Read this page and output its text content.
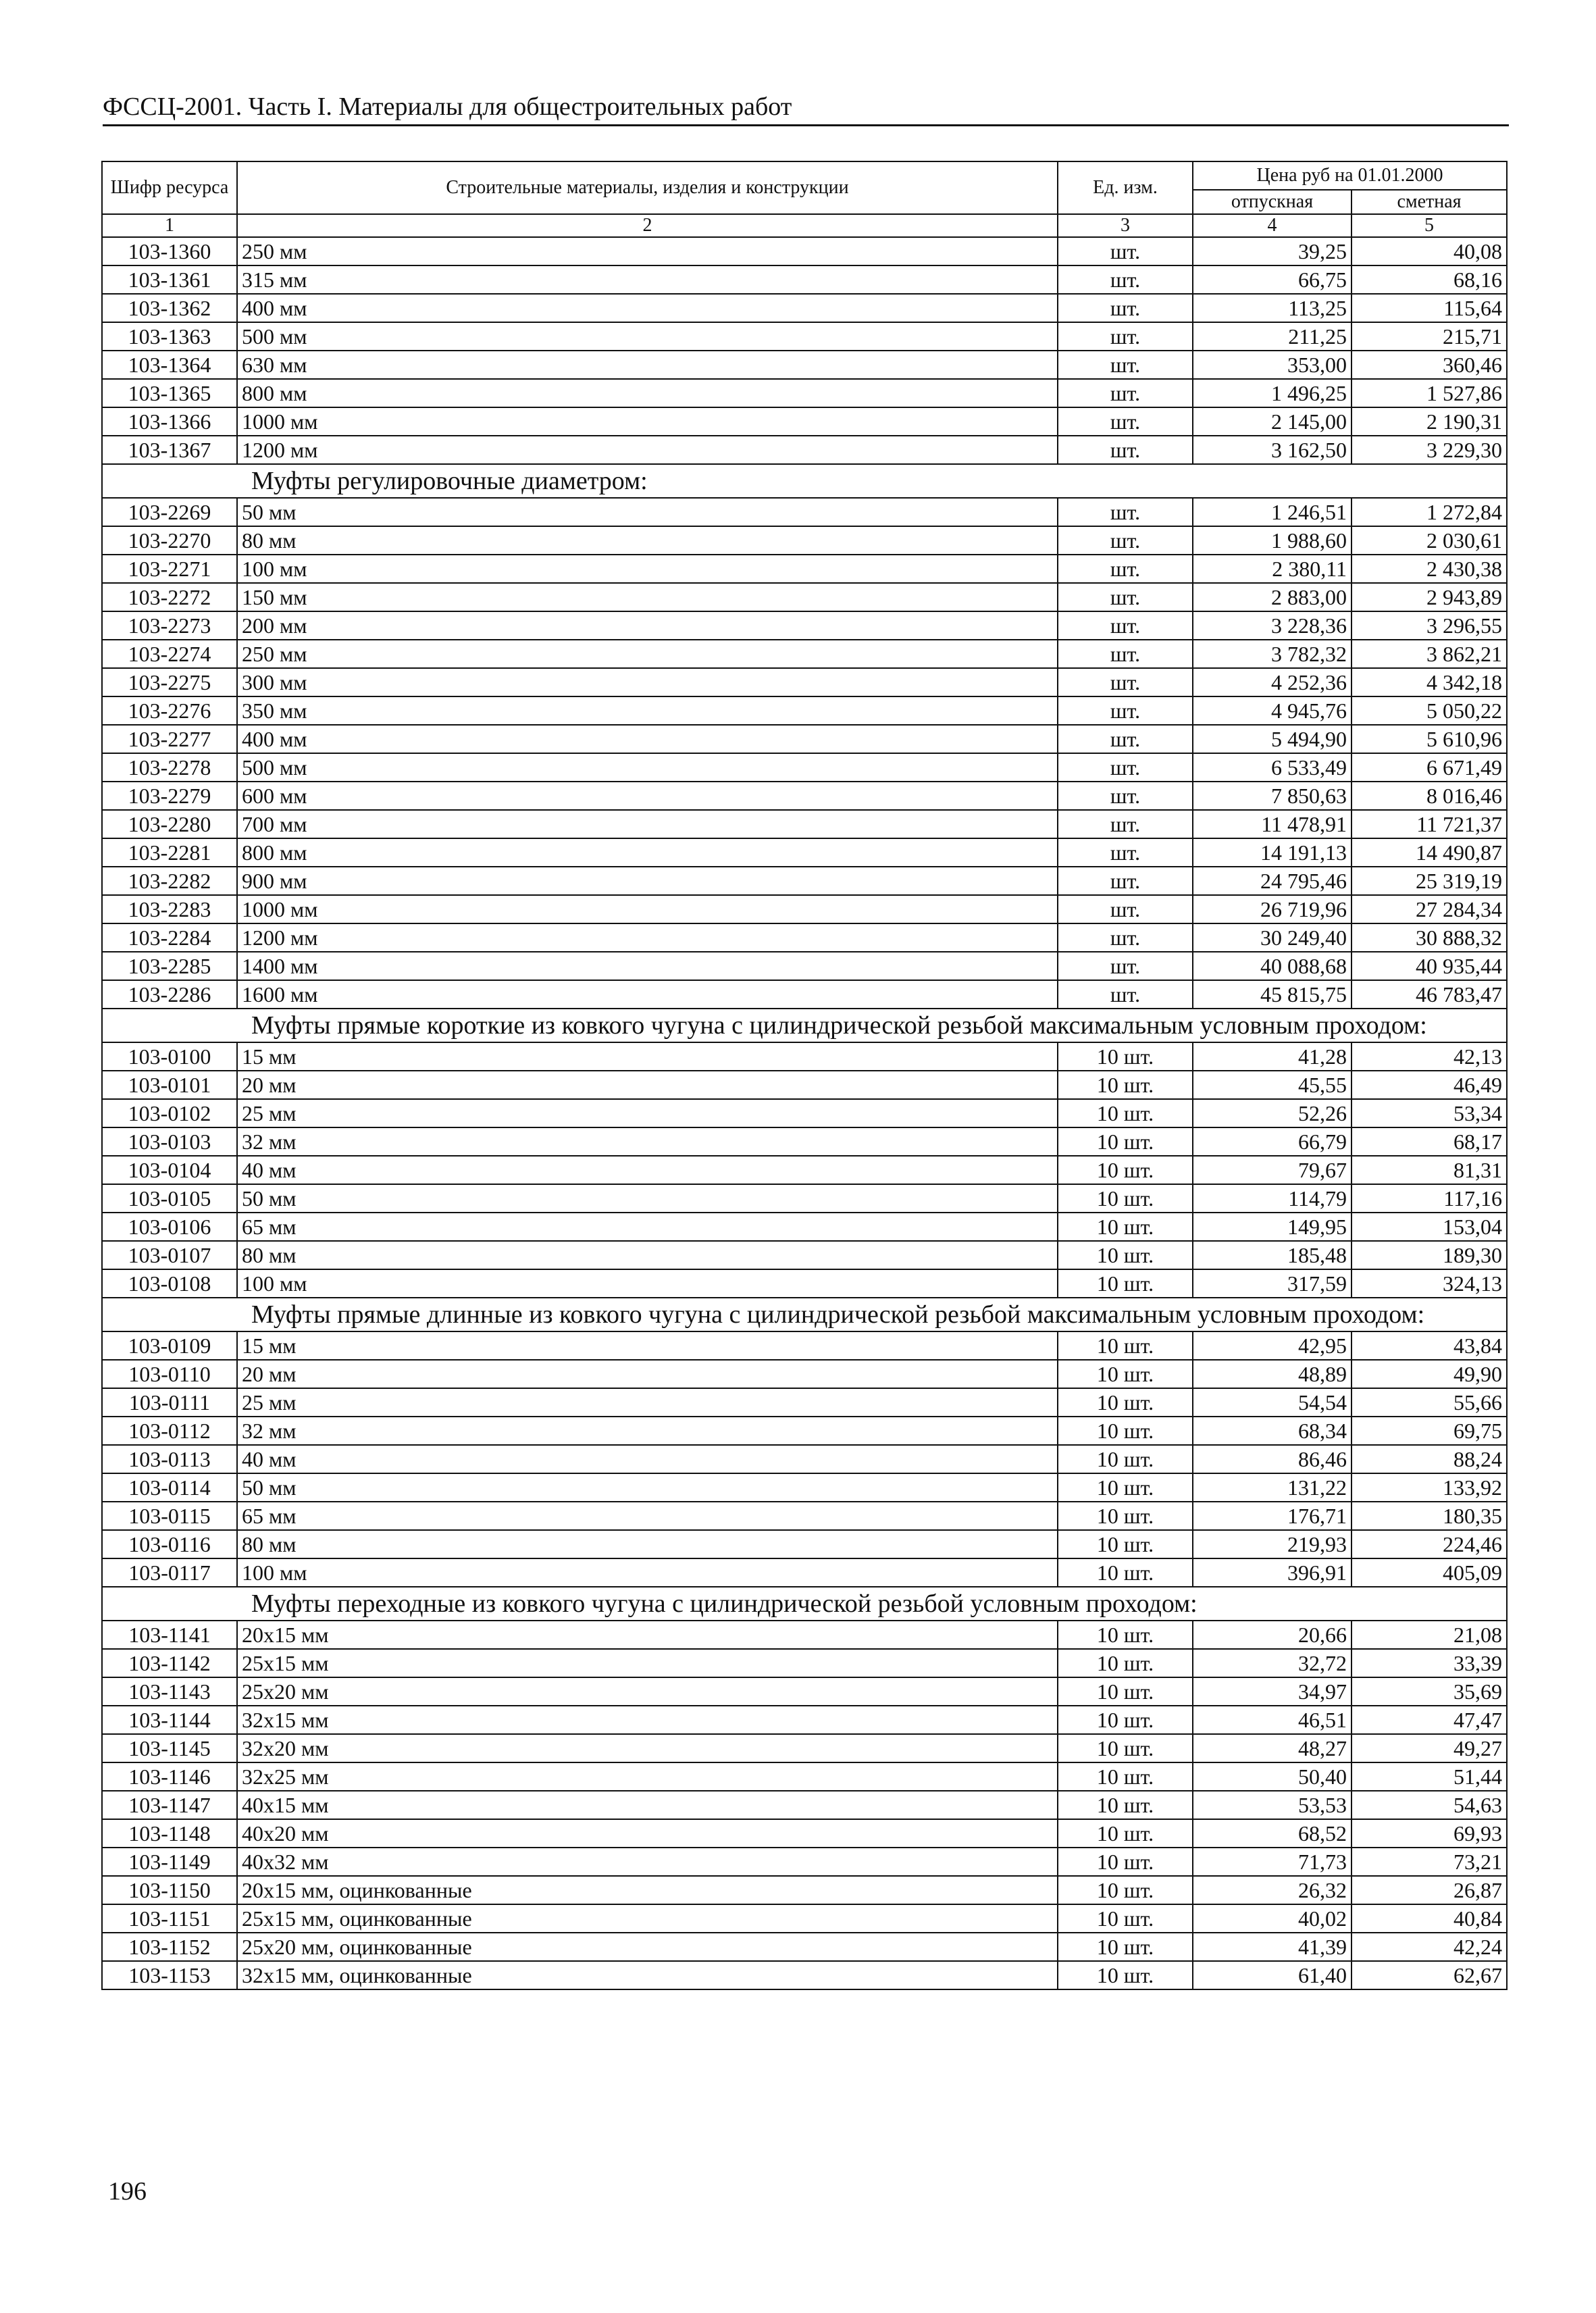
ФССЦ-2001. Часть I. Материалы для общестроительных работ
Шифр ресурса	Строительные материалы, изделия и конструкции	Ед. изм.	Цена руб на 01.01.2000	
			отпускная	сметная
1	2	3	4	5
103-1360	250 мм	шт.	39,25	40,08
103-1361	315 мм	шт.	66,75	68,16
103-1362	400 мм	шт.	113,25	115,64
103-1363	500 мм	шт.	211,25	215,71
103-1364	630 мм	шт.	353,00	360,46
103-1365	800 мм	шт.	1 496,25	1 527,86
103-1366	1000 мм	шт.	2 145,00	2 190,31
103-1367	1200 мм	шт.	3 162,50	3 229,30
Муфты регулировочные диаметром:				
103-2269	50 мм	шт.	1 246,51	1 272,84
103-2270	80 мм	шт.	1 988,60	2 030,61
103-2271	100 мм	шт.	2 380,11	2 430,38
103-2272	150 мм	шт.	2 883,00	2 943,89
103-2273	200 мм	шт.	3 228,36	3 296,55
103-2274	250 мм	шт.	3 782,32	3 862,21
103-2275	300 мм	шт.	4 252,36	4 342,18
103-2276	350 мм	шт.	4 945,76	5 050,22
103-2277	400 мм	шт.	5 494,90	5 610,96
103-2278	500 мм	шт.	6 533,49	6 671,49
103-2279	600 мм	шт.	7 850,63	8 016,46
103-2280	700 мм	шт.	11 478,91	11 721,37
103-2281	800 мм	шт.	14 191,13	14 490,87
103-2282	900 мм	шт.	24 795,46	25 319,19
103-2283	1000 мм	шт.	26 719,96	27 284,34
103-2284	1200 мм	шт.	30 249,40	30 888,32
103-2285	1400 мм	шт.	40 088,68	40 935,44
103-2286	1600 мм	шт.	45 815,75	46 783,47
Муфты прямые короткие из ковкого чугуна с цилиндрической резьбой максимальным условным проходом:				
103-0100	15 мм	10 шт.	41,28	42,13
103-0101	20 мм	10 шт.	45,55	46,49
103-0102	25 мм	10 шт.	52,26	53,34
103-0103	32 мм	10 шт.	66,79	68,17
103-0104	40 мм	10 шт.	79,67	81,31
103-0105	50 мм	10 шт.	114,79	117,16
103-0106	65 мм	10 шт.	149,95	153,04
103-0107	80 мм	10 шт.	185,48	189,30
103-0108	100 мм	10 шт.	317,59	324,13
Муфты прямые длинные из ковкого чугуна с цилиндрической резьбой максимальным условным проходом:				
103-0109	15 мм	10 шт.	42,95	43,84
103-0110	20 мм	10 шт.	48,89	49,90
103-0111	25 мм	10 шт.	54,54	55,66
103-0112	32 мм	10 шт.	68,34	69,75
103-0113	40 мм	10 шт.	86,46	88,24
103-0114	50 мм	10 шт.	131,22	133,92
103-0115	65 мм	10 шт.	176,71	180,35
103-0116	80 мм	10 шт.	219,93	224,46
103-0117	100 мм	10 шт.	396,91	405,09
Муфты переходные из ковкого чугуна с цилиндрической резьбой условным проходом:				
103-1141	20x15 мм	10 шт.	20,66	21,08
103-1142	25x15 мм	10 шт.	32,72	33,39
103-1143	25x20 мм	10 шт.	34,97	35,69
103-1144	32x15 мм	10 шт.	46,51	47,47
103-1145	32x20 мм	10 шт.	48,27	49,27
103-1146	32x25 мм	10 шт.	50,40	51,44
103-1147	40x15 мм	10 шт.	53,53	54,63
103-1148	40x20 мм	10 шт.	68,52	69,93
103-1149	40x32 мм	10 шт.	71,73	73,21
103-1150	20x15 мм, оцинкованные	10 шт.	26,32	26,87
103-1151	25x15 мм, оцинкованные	10 шт.	40,02	40,84
103-1152	25x20 мм, оцинкованные	10 шт.	41,39	42,24
103-1153	32x15 мм, оцинкованные	10 шт.	61,40	62,67
196
